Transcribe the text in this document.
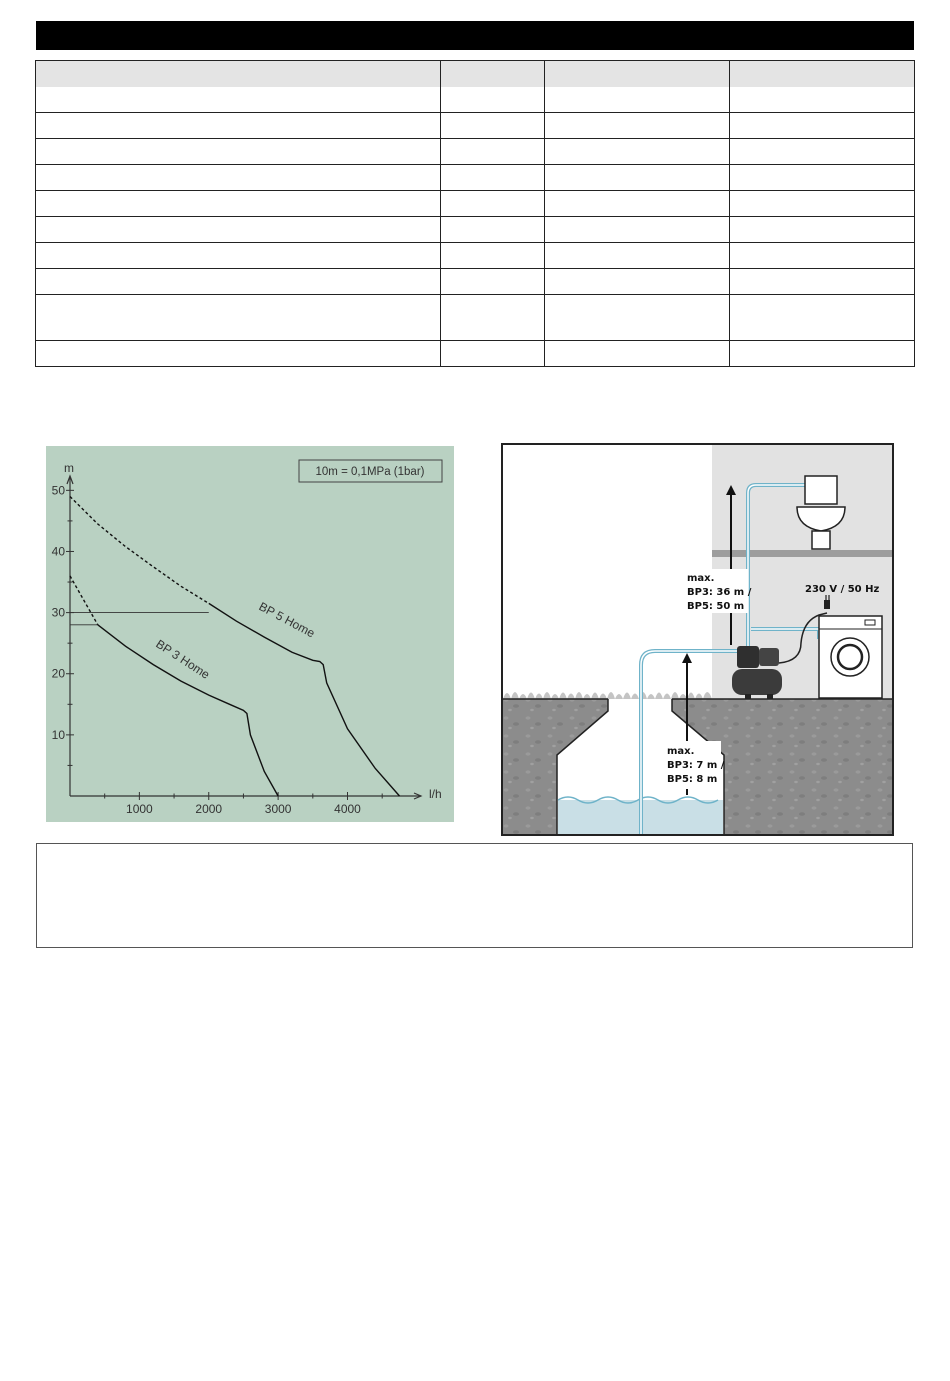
10
20
30
40
50
1000	2000	3000	4000
m
l/h
10m = 0,1MPa (1bar)
BP 5 Home
BP 3 Home
max.
BP3: 36 m /
BP5: 50 m
max.
BP3: 7 m /
BP5: 8 m
230 V / 50 Hz
